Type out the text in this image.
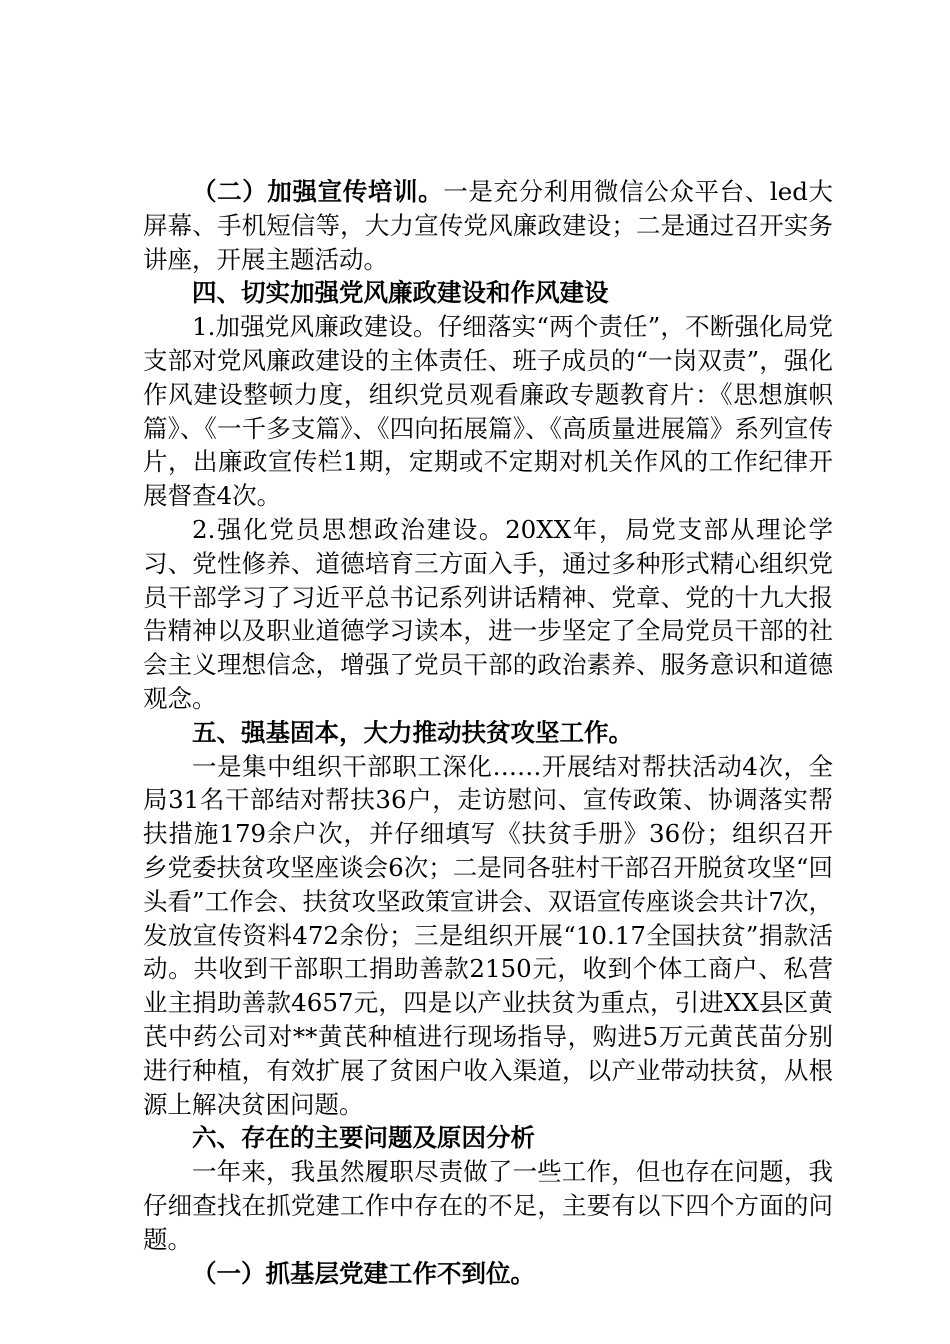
（二）加强宣传培训。一是充分利用微信公众平台、led大屏幕、手机短信等，大力宣传党风廉政建设；二是通过召开实务讲座，开展主题活动。

四、切实加强党风廉政建设和作风建设

1.加强党风廉政建设。仔细落实“两个责任”，不断强化局党支部对党风廉政建设的主体责任、班子成员的“一岗双责”，强化作风建设整顿力度，组织党员观看廉政专题教育片：《思想旗帜篇》、《一千多支篇》、《四向拓展篇》、《高质量进展篇》系列宣传片，出廉政宣传栏1期，定期或不定期对机关作风的工作纪律开展督查4次。

2.强化党员思想政治建设。20XX年，局党支部从理论学习、党性修养、道德培育三方面入手，通过多种形式精心组织党员干部学习了习近平总书记系列讲话精神、党章、党的十九大报告精神以及职业道德学习读本，进一步坚定了全局党员干部的社会主义理想信念，增强了党员干部的政治素养、服务意识和道德观念。

五、强基固本，大力推动扶贫攻坚工作。

一是集中组织干部职工深化……开展结对帮扶活动4次，全局31名干部结对帮扶36户，走访慰问、宣传政策、协调落实帮扶措施179余户次，并仔细填写《扶贫手册》36份；组织召开乡党委扶贫攻坚座谈会6次；二是同各驻村干部召开脱贫攻坚“回头看”工作会、扶贫攻坚政策宣讲会、双语宣传座谈会共计7次，发放宣传资料472余份；三是组织开展“10.17全国扶贫”捐款活动。共收到干部职工捐助善款2150元，收到个体工商户、私营业主捐助善款4657元，四是以产业扶贫为重点，引进XX县区黄芪中药公司对**黄芪种植进行现场指导，购进5万元黄芪苗分别进行种植，有效扩展了贫困户收入渠道，以产业带动扶贫，从根源上解决贫困问题。

六、存在的主要问题及原因分析

一年来，我虽然履职尽责做了一些工作，但也存在问题，我仔细查找在抓党建工作中存在的不足，主要有以下四个方面的问题。

（一）抓基层党建工作不到位。
